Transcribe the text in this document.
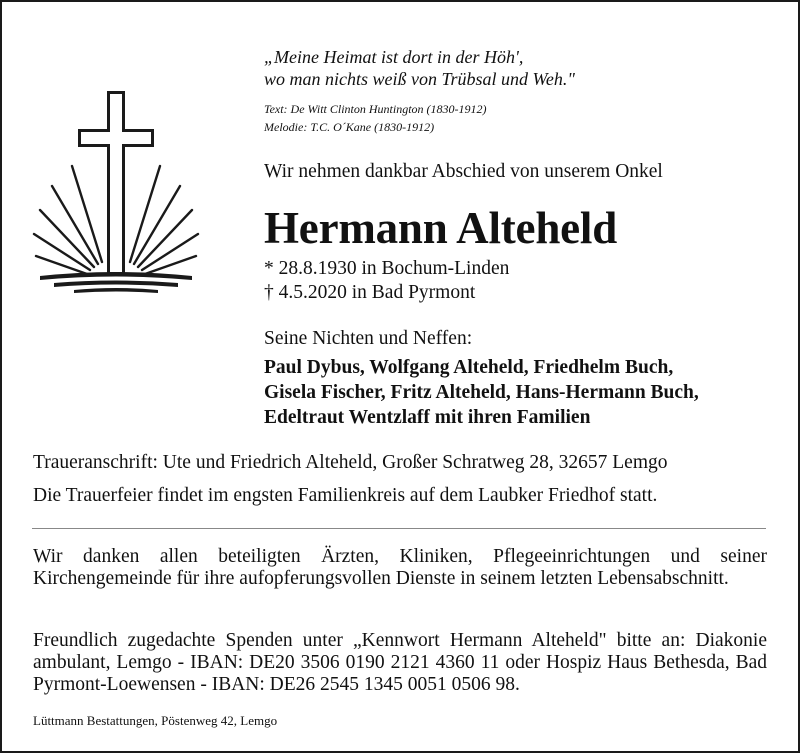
„Meine Heimat ist dort in der Höh',
wo man nichts weiß von Trübsal und Weh."
Text: De Witt Clinton Huntington (1830-1912)
Melodie: T.C. O´Kane (1830-1912)
Wir nehmen dankbar Abschied von unserem Onkel
Hermann Alteheld
* 28.8.1930 in Bochum-Linden
† 4.5.2020 in Bad Pyrmont
Seine Nichten und Neffen:
Paul Dybus, Wolfgang Alteheld, Friedhelm Buch,
Gisela Fischer, Fritz Alteheld, Hans-Hermann Buch,
Edeltraut Wentzlaff mit ihren Familien
Traueranschrift: Ute und Friedrich Alteheld, Großer Schratweg 28, 32657 Lemgo
Die Trauerfeier findet im engsten Familienkreis auf dem Laubker Friedhof statt.
Wir danken allen beteiligten Ärzten, Kliniken, Pflegeeinrichtungen und seiner Kirchengemeinde für ihre aufopferungsvollen Dienste in seinem letzten Lebensabschnitt.
Freundlich zugedachte Spenden unter „Kennwort Hermann Alteheld" bitte an: Diakonie ambulant, Lemgo - IBAN: DE20 3506 0190 2121 4360 11 oder Hospiz Haus Bethesda, Bad Pyrmont-Loewensen - IBAN: DE26 2545 1345 0051 0506 98.
Lüttmann Bestattungen, Pöstenweg 42, Lemgo
